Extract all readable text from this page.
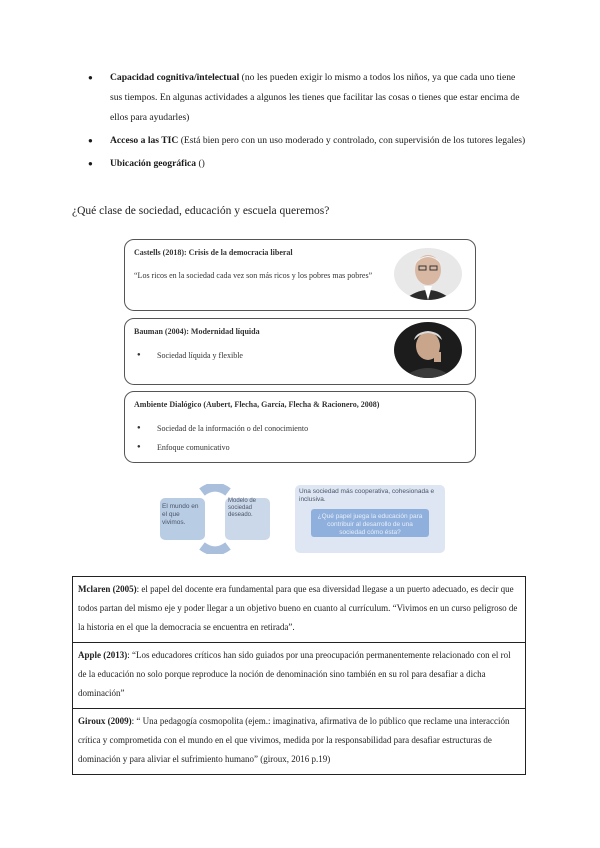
● Capacidad cognitiva/intelectual (no les pueden exigir lo mismo a todos los niños, ya que cada uno tiene sus tiempos. En algunas actividades a algunos les tienes que facilitar las cosas o tienes que estar encima de ellos para ayudarles)
● Acceso a las TIC (Está bien pero con un uso moderado y controlado, con supervisión de los tutores legales)
● Ubicación geográfica ()
¿Qué clase de sociedad, educación y escuela queremos?
Castells (2018): Crisis de la democracia liberal
“Los ricos en la sociedad cada vez son más ricos y los pobres mas pobres”
Bauman (2004): Modernidad líquida
● Sociedad líquida y flexible
Ambiente Dialógico (Aubert, Flecha, García, Flecha & Racionero, 2008)
● Sociedad de la información o del conocimiento
● Enfoque comunicativo
El mundo en el que vivimos.
Modelo de sociedad deseado.
Una sociedad más cooperativa, cohesionada e inclusiva.
¿Qué papel juega la educación para contribuir al desarrollo de una sociedad cómo ésta?
Mclaren (2005): el papel del docente era fundamental para que esa diversidad llegase a un puerto adecuado, es decir que todos partan del mismo eje y poder llegar a un objetivo bueno en cuanto al currículum. “Vivimos en un curso peligroso de la historia en el que la democracia se encuentra en retirada”.
Apple (2013): “Los educadores críticos han sido guiados por una preocupación permanentemente relacionado con el rol de la educación no solo porque reproduce la noción de denominación sino también en su rol para desafiar a dicha dominación”
Giroux (2009): “ Una pedagogía cosmopolita (ejem.: imaginativa, afirmativa de lo público que reclame una interacción crítica y comprometida con el mundo en el que vivimos, medida por la responsabilidad para desafiar estructuras de dominación y para aliviar el sufrimiento humano” (giroux, 2016 p.19)
